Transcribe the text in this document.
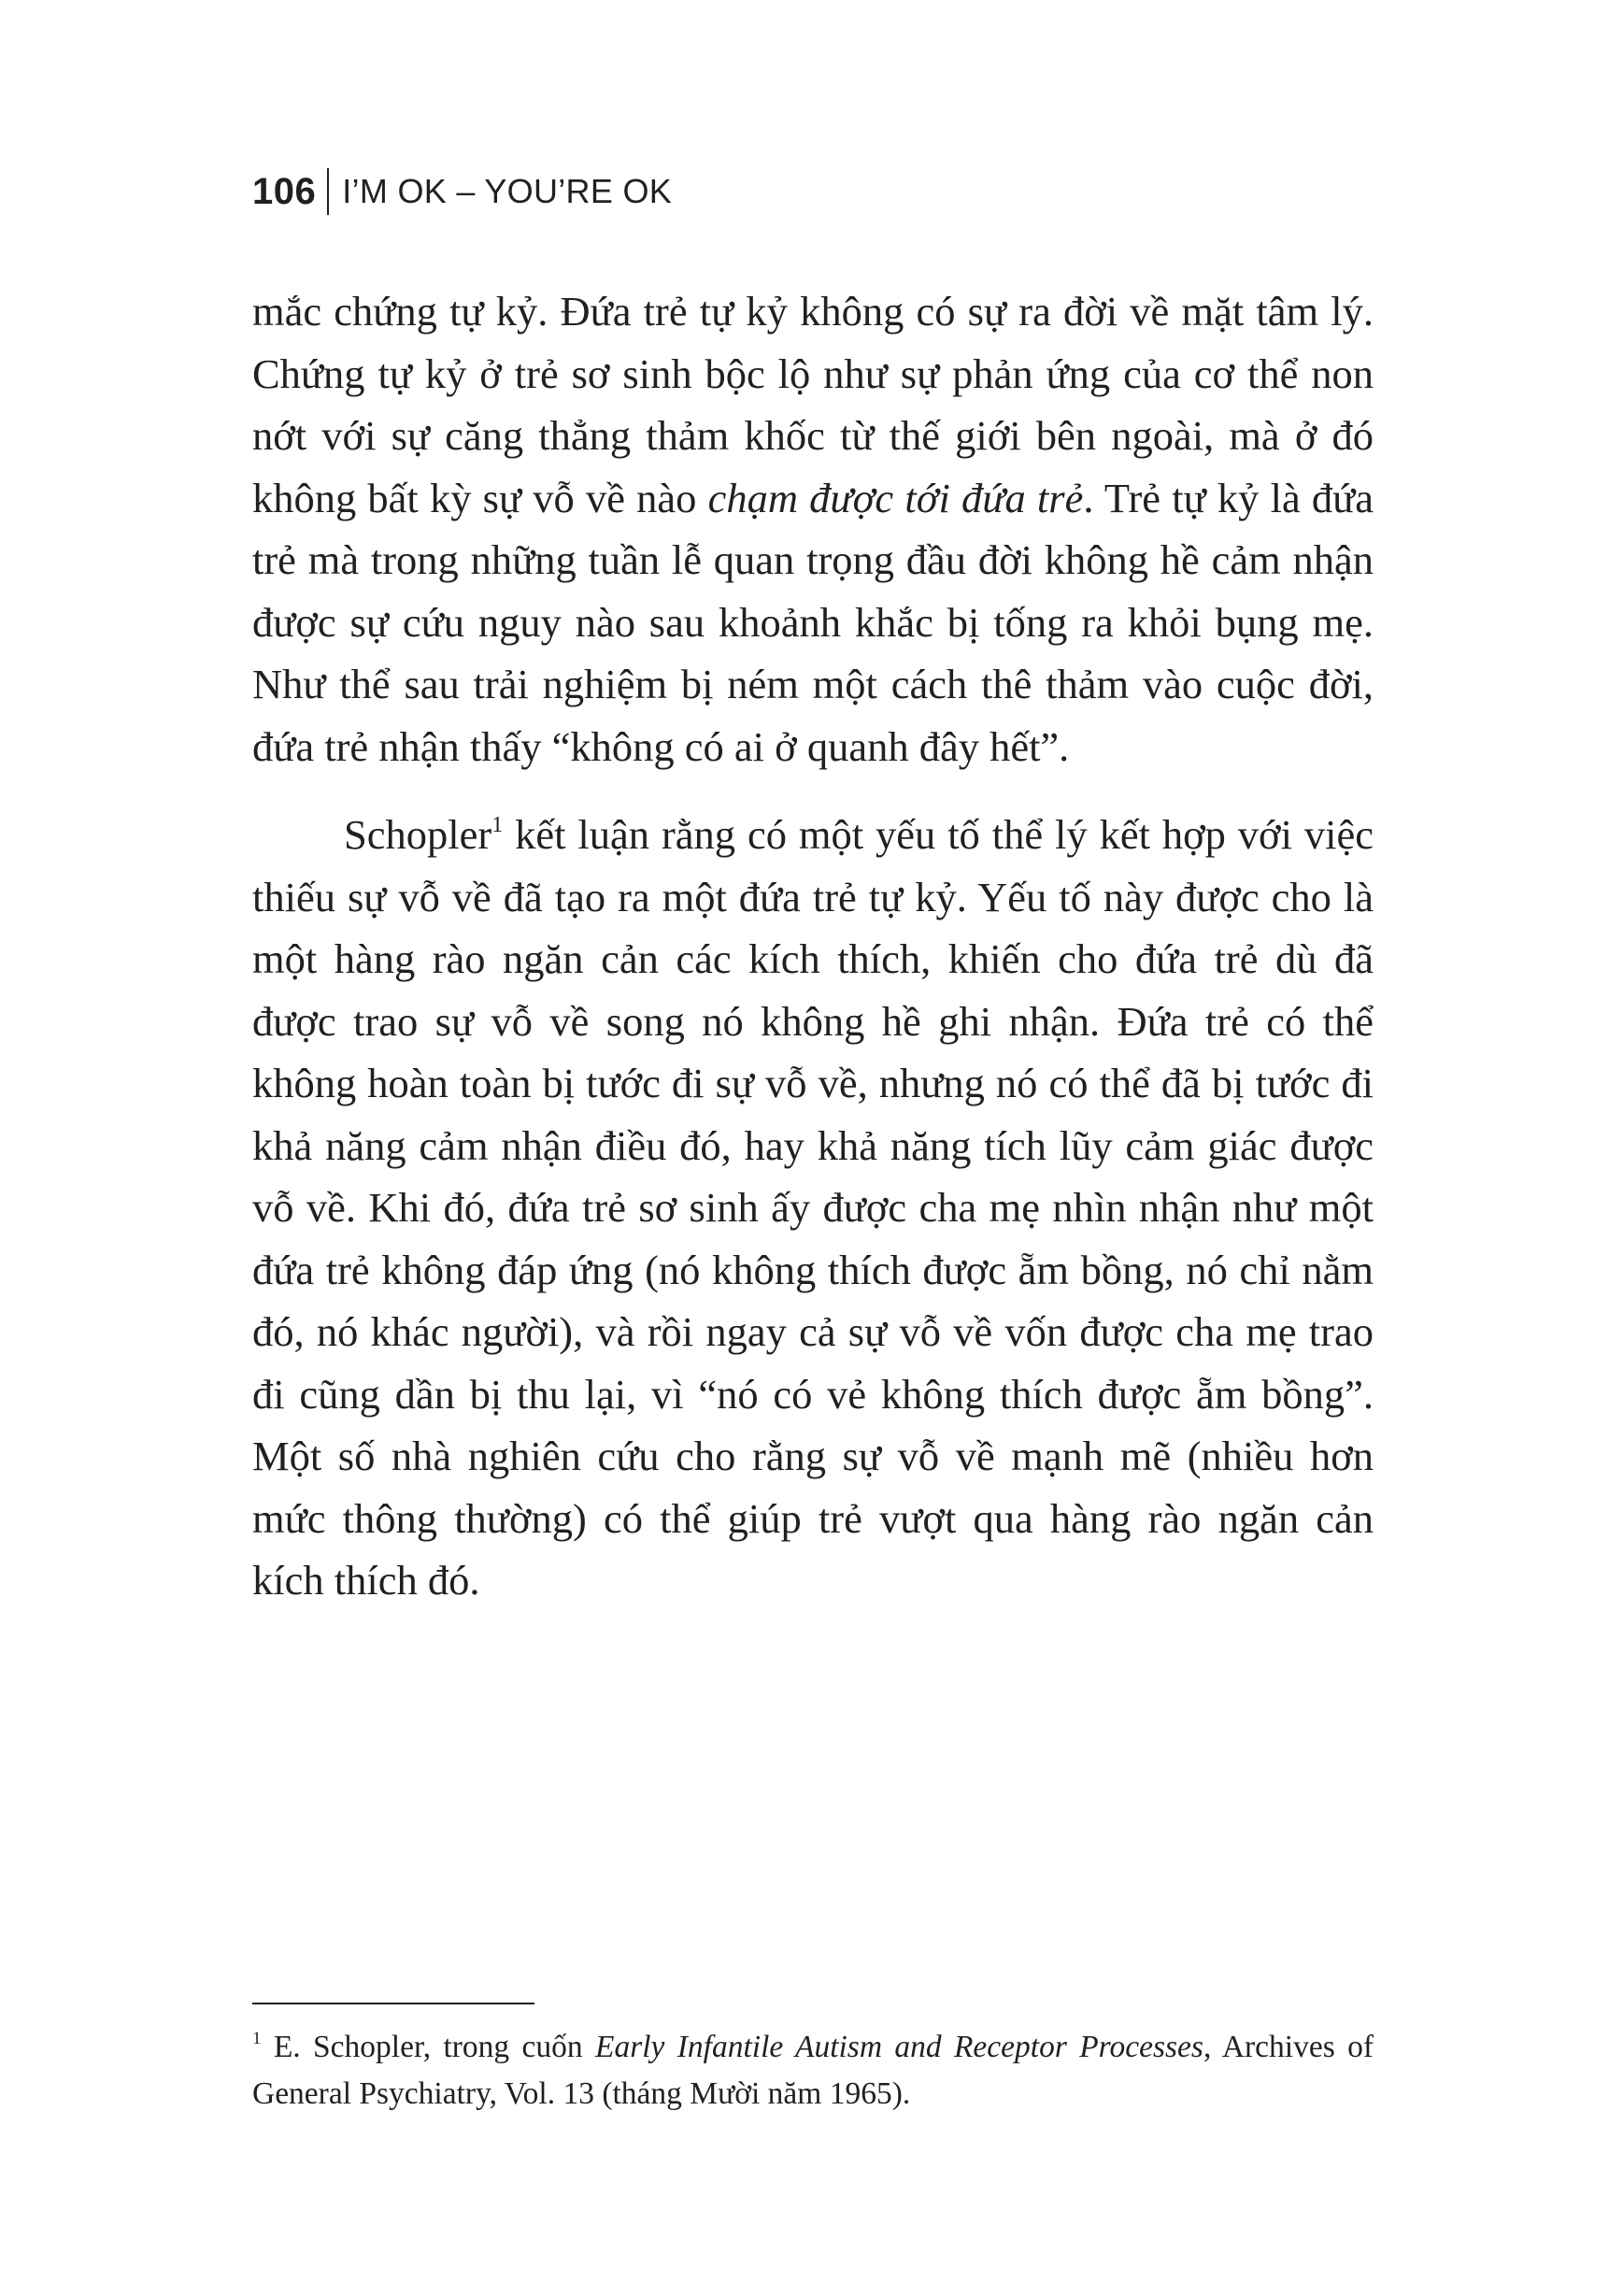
106 I’M OK – YOU’RE OK

mắc chứng tự kỷ. Đứa trẻ tự kỷ không có sự ra đời về mặt tâm lý. Chứng tự kỷ ở trẻ sơ sinh bộc lộ như sự phản ứng của cơ thể non nớt với sự căng thẳng thảm khốc từ thế giới bên ngoài, mà ở đó không bất kỳ sự vỗ về nào chạm được tới đứa trẻ. Trẻ tự kỷ là đứa trẻ mà trong những tuần lễ quan trọng đầu đời không hề cảm nhận được sự cứu nguy nào sau khoảnh khắc bị tống ra khỏi bụng mẹ. Như thể sau trải nghiệm bị ném một cách thê thảm vào cuộc đời, đứa trẻ nhận thấy “không có ai ở quanh đây hết”.

Schopler$^1$ kết luận rằng có một yếu tố thể lý kết hợp với việc thiếu sự vỗ về đã tạo ra một đứa trẻ tự kỷ. Yếu tố này được cho là một hàng rào ngăn cản các kích thích, khiến cho đứa trẻ dù đã được trao sự vỗ về song nó không hề ghi nhận. Đứa trẻ có thể không hoàn toàn bị tước đi sự vỗ về, nhưng nó có thể đã bị tước đi khả năng cảm nhận điều đó, hay khả năng tích lũy cảm giác được vỗ về. Khi đó, đứa trẻ sơ sinh ấy được cha mẹ nhìn nhận như một đứa trẻ không đáp ứng (nó không thích được ẵm bồng, nó chỉ nằm đó, nó khác người), và rồi ngay cả sự vỗ về vốn được cha mẹ trao đi cũng dần bị thu lại, vì “nó có vẻ không thích được ẵm bồng”. Một số nhà nghiên cứu cho rằng sự vỗ về mạnh mẽ (nhiều hơn mức thông thường) có thể giúp trẻ vượt qua hàng rào ngăn cản kích thích đó.

$^1$ E. Schopler, trong cuốn Early Infantile Autism and Receptor Processes, Archives of General Psychiatry, Vol. 13 (tháng Mười năm 1965).
